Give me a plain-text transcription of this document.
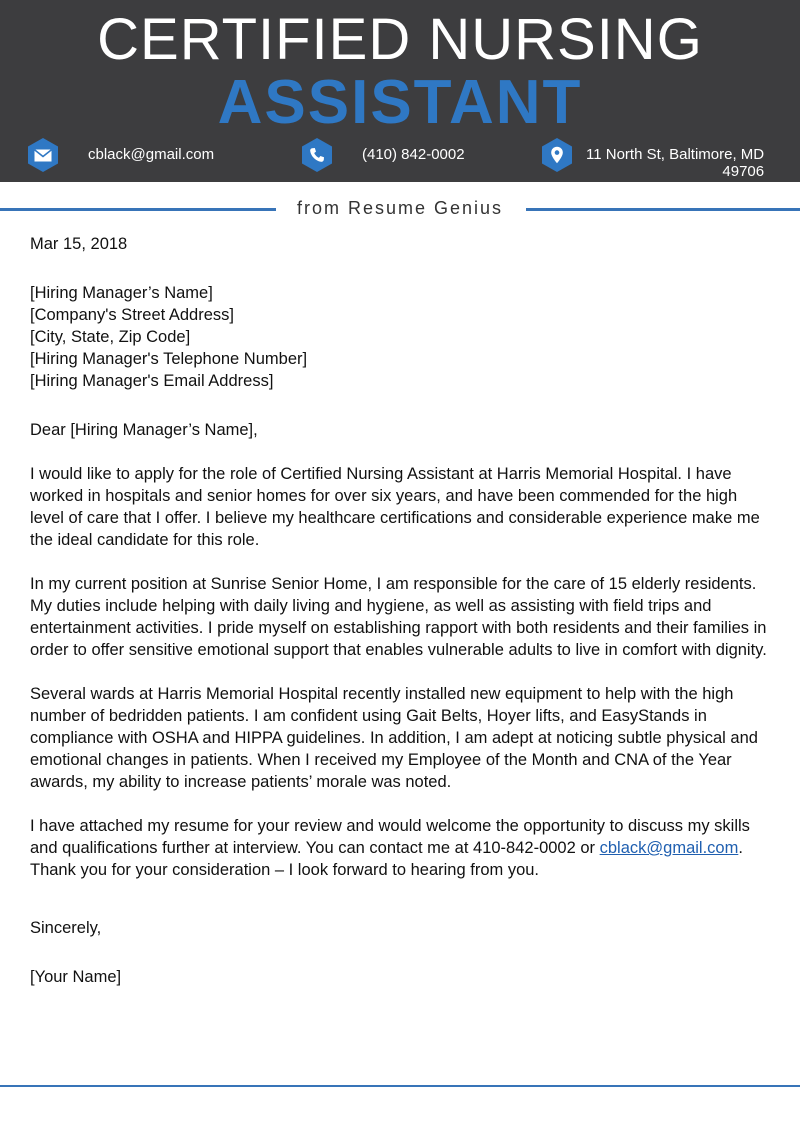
CERTIFIED NURSING
ASSISTANT
cblack@gmail.com	(410) 842-0002	11 North St, Baltimore, MD
49706
from Resume Genius

Mar 15, 2018

[Hiring Manager’s Name]

[Company's Street Address]

[City, State, Zip Code]

[Hiring Manager's Telephone Number]

[Hiring Manager's Email Address]

Dear [Hiring Manager’s Name],

I would like to apply for the role of Certified Nursing Assistant at Harris Memorial Hospital. I have worked in hospitals and senior homes for over six years, and have been commended for the high level of care that I offer. I believe my healthcare certifications and considerable experience make me the ideal candidate for this role.

In my current position at Sunrise Senior Home, I am responsible for the care of 15 elderly residents. My duties include helping with daily living and hygiene, as well as assisting with field trips and entertainment activities. I pride myself on establishing rapport with both residents and their families in order to offer sensitive emotional support that enables vulnerable adults to live in comfort with dignity.

Several wards at Harris Memorial Hospital recently installed new equipment to help with the high number of bedridden patients. I am confident using Gait Belts, Hoyer lifts, and EasyStands in compliance with OSHA and HIPPA guidelines. In addition, I am adept at noticing subtle physical and emotional changes in patients. When I received my Employee of the Month and CNA of the Year awards, my ability to increase patients’ morale was noted.

I have attached my resume for your review and would welcome the opportunity to discuss my skills and qualifications further at interview. You can contact me at 410-842-0002 or cblack@gmail.com. Thank you for your consideration – I look forward to hearing from you.

Sincerely,

[Your Name]
